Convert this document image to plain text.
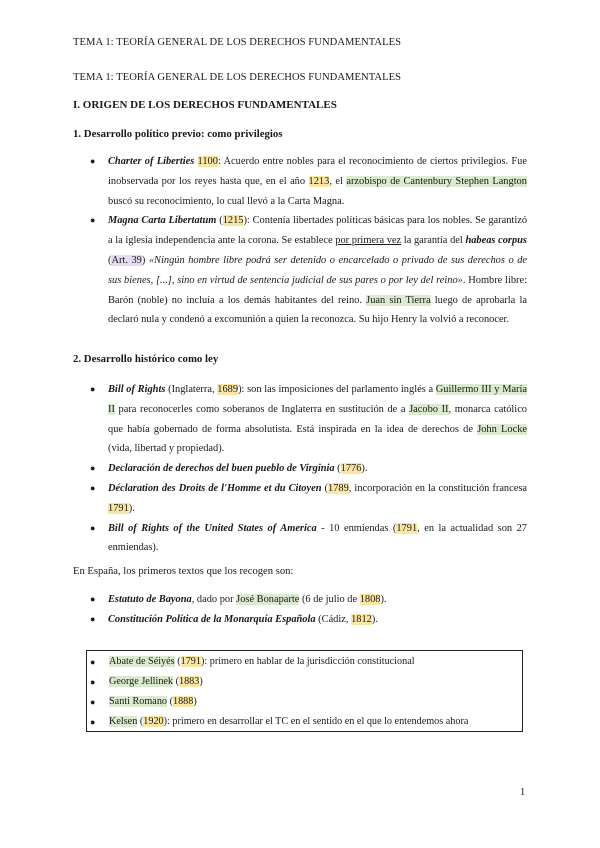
TEMA 1: TEORÍA GENERAL DE LOS DERECHOS FUNDAMENTALES
TEMA 1: TEORÍA GENERAL DE LOS DERECHOS FUNDAMENTALES
I. ORIGEN DE LOS DERECHOS FUNDAMENTALES
1. Desarrollo político previo: como privilegios
● Charter of Liberties 1100: Acuerdo entre nobles para el reconocimiento de ciertos privilegios. Fue inobservada por los reyes hasta que, en el año 1213, el arzobispo de Cantenbury Stephen Langton buscó su reconocimiento, lo cual llevó a la Carta Magna.
● Magna Carta Libertatum (1215): Contenía libertades políticas básicas para los nobles. Se garantizó a la iglesia independencia ante la corona. Se establece por primera vez la garantía del habeas corpus (Art. 39) «Ningún hombre libre podrá ser detenido o encarcelado o privado de sus derechos o de sus bienes, [...], sino en virtud de sentencia judicial de sus pares o por ley del reino». Hombre libre: Barón (noble) no incluía a los demás habitantes del reino. Juan sin Tierra luego de aprobarla la declaró nula y condenó a excomunión a quien la reconozca. Su hijo Henry la volvió a reconocer.
2. Desarrollo histórico como ley
● Bill of Rights (Inglaterra, 1689): son las imposiciones del parlamento inglés a Guillermo III y María II para reconocerles como soberanos de Inglaterra en sustitución de a Jacobo II, monarca católico que había gobernado de forma absolutista. Está inspirada en la idea de derechos de John Locke (vida, libertad y propiedad).
● Declaración de derechos del buen pueblo de Virginia (1776).
● Déclaration des Droits de l'Homme et du Citoyen (1789, incorporación en la constitución francesa 1791).
● Bill of Rights of the United States of America - 10 enmiendas (1791, en la actualidad son 27 enmiendas).
En España, los primeros textos que los recogen son:
● Estatuto de Bayona, dado por José Bonaparte (6 de julio de 1808).
● Constitución Política de la Monarquía Española (Cádiz, 1812).
● Abate de Séiyés (1791): primero en hablar de la jurisdicción constitucional
● George Jellinek (1883)
● Santi Romano (1888)
● Kelsen (1920): primero en desarrollar el TC en el sentido en el que lo entendemos ahora
1
